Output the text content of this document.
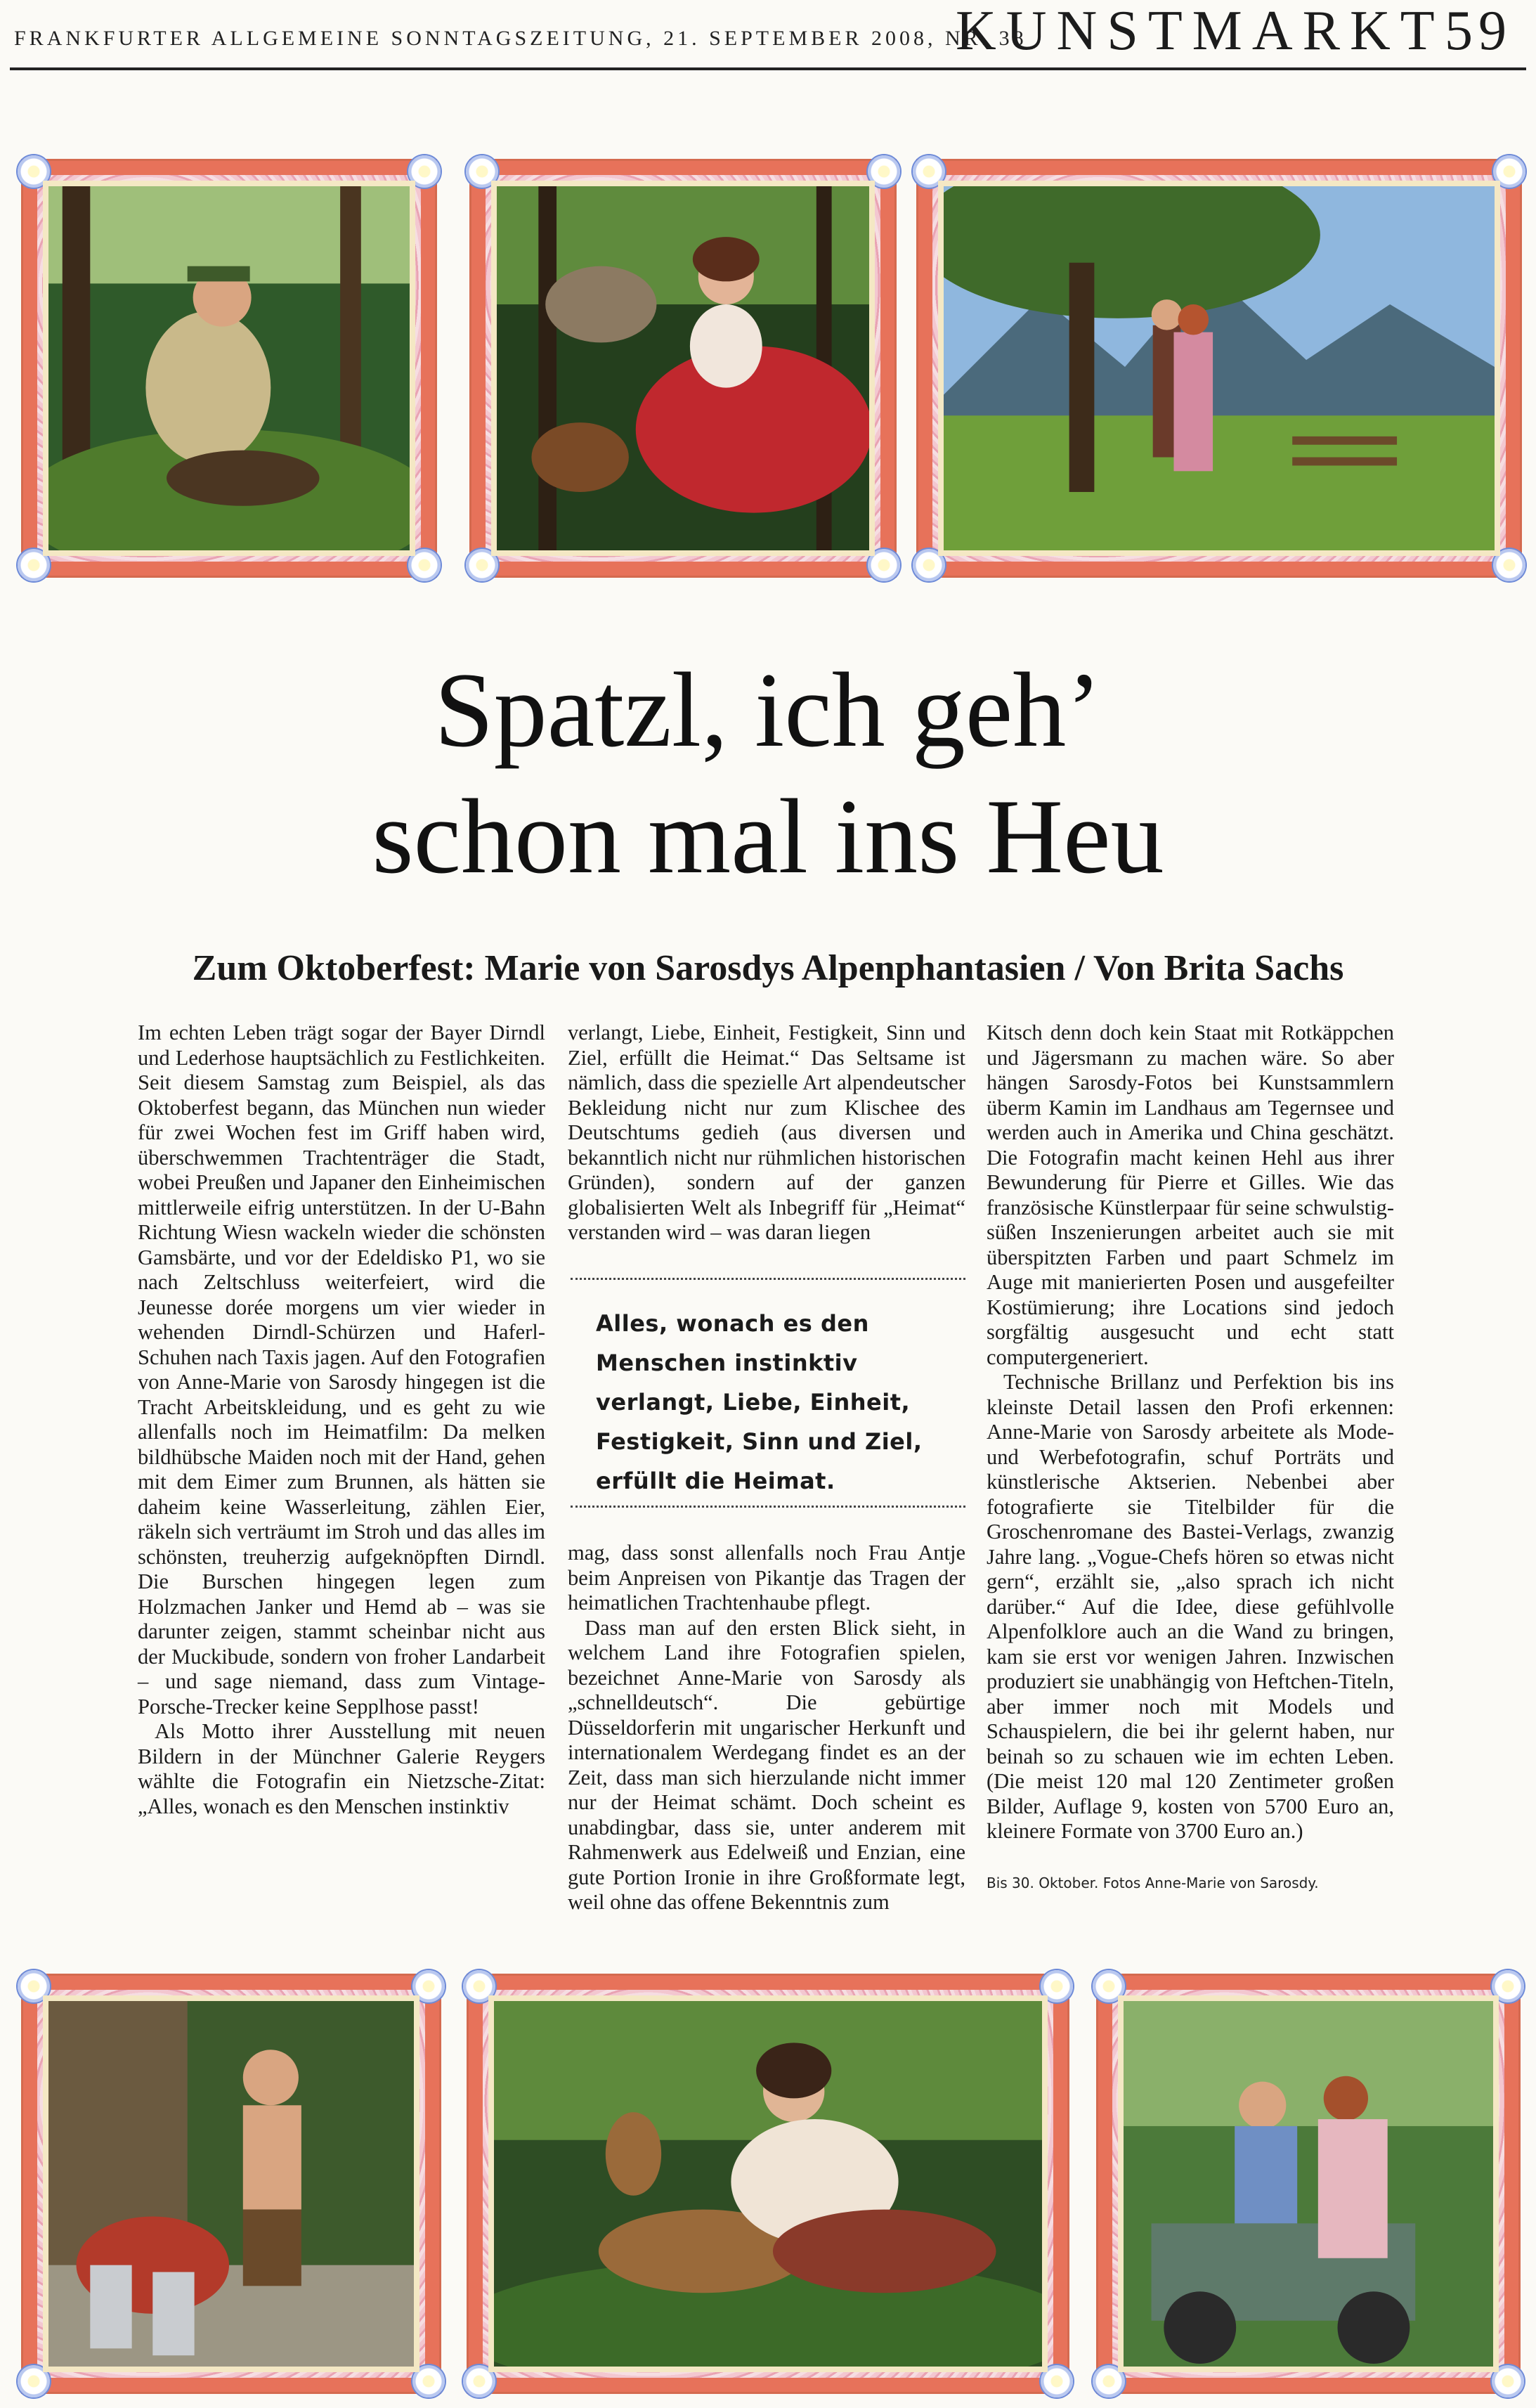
FRANKFURTER ALLGEMEINE SONNTAGSZEITUNG, 21. SEPTEMBER 2008, NR. 38
KUNSTMARKT 59
Spatzl, ich geh’
schon mal ins Heu
Zum Oktoberfest: Marie von Sarosdys Alpenphantasien / Von Brita Sachs

Im echten Leben trägt sogar der Bayer Dirndl und Lederhose hauptsächlich zu Festlichkeiten. Seit diesem Samstag zum Beispiel, als das Oktoberfest begann, das München nun wieder für zwei Wochen fest im Griff haben wird, überschwemmen Trachtenträger die Stadt, wobei Preußen und Japaner den Einheimischen mittlerweile eifrig unterstützen. In der U-Bahn Richtung Wiesn wackeln wieder die schönsten Gamsbärte, und vor der Edeldisko P1, wo sie nach Zeltschluss weiterfeiert, wird die Jeunesse dorée morgens um vier wieder in wehenden Dirndl-Schürzen und Haferl-Schuhen nach Taxis jagen. Auf den Fotografien von Anne-Marie von Sarosdy hingegen ist die Tracht Arbeitskleidung, und es geht zu wie allenfalls noch im Heimatfilm: Da melken bildhübsche Maiden noch mit der Hand, gehen mit dem Eimer zum Brunnen, als hätten sie daheim keine Wasserleitung, zählen Eier, räkeln sich verträumt im Stroh und das alles im schönsten, treuherzig aufgeknöpften Dirndl. Die Burschen hingegen legen zum Holzmachen Janker und Hemd ab – was sie darunter zeigen, stammt scheinbar nicht aus der Muckibude, sondern von froher Landarbeit – und sage niemand, dass zum Vintage-Porsche-Trecker keine Sepplhose passt!

Als Motto ihrer Ausstellung mit neuen Bildern in der Münchner Galerie Reygers wählte die Fotografin ein Nietzsche-Zitat: „Alles, wonach es den Menschen instinktiv

verlangt, Liebe, Einheit, Festigkeit, Sinn und Ziel, erfüllt die Heimat.“ Das Seltsame ist nämlich, dass die spezielle Art alpendeutscher Bekleidung nicht nur zum Klischee des Deutschtums gedieh (aus diversen und bekanntlich nicht nur rühmlichen historischen Gründen), sondern auf der ganzen globalisierten Welt als Inbegriff für „Heimat“ verstanden wird – was daran liegen

Alles, wonach es den Menschen instinktiv verlangt, Liebe, Einheit, Festigkeit, Sinn und Ziel, erfüllt die Heimat.

mag, dass sonst allenfalls noch Frau Antje beim Anpreisen von Pikantje das Tragen der heimatlichen Trachtenhaube pflegt.

Dass man auf den ersten Blick sieht, in welchem Land ihre Fotografien spielen, bezeichnet Anne-Marie von Sarosdy als „schnelldeutsch“. Die gebürtige Düsseldorferin mit ungarischer Herkunft und internationalem Werdegang findet es an der Zeit, dass man sich hierzulande nicht immer nur der Heimat schämt. Doch scheint es unabdingbar, dass sie, unter anderem mit Rahmenwerk aus Edelweiß und Enzian, eine gute Portion Ironie in ihre Großformate legt, weil ohne das offene Bekenntnis zum

Kitsch denn doch kein Staat mit Rotkäppchen und Jägersmann zu machen wäre. So aber hängen Sarosdy-Fotos bei Kunstsammlern überm Kamin im Landhaus am Tegernsee und werden auch in Amerika und China geschätzt. Die Fotografin macht keinen Hehl aus ihrer Bewunderung für Pierre et Gilles. Wie das französische Künstlerpaar für seine schwulstig-süßen Inszenierungen arbeitet auch sie mit überspitzten Farben und paart Schmelz im Auge mit manierierten Posen und ausgefeilter Kostümierung; ihre Locations sind jedoch sorgfältig ausgesucht und echt statt computergeneriert.

Technische Brillanz und Perfektion bis ins kleinste Detail lassen den Profi erkennen: Anne-Marie von Sarosdy arbeitete als Mode- und Werbefotografin, schuf Porträts und künstlerische Aktserien. Nebenbei aber fotografierte sie Titelbilder für die Groschenromane des Bastei-Verlags, zwanzig Jahre lang. „Vogue-Chefs hören so etwas nicht gern“, erzählt sie, „also sprach ich nicht darüber.“ Auf die Idee, diese gefühlvolle Alpenfolklore auch an die Wand zu bringen, kam sie erst vor wenigen Jahren. Inzwischen produziert sie unabhängig von Heftchen-Titeln, aber immer noch mit Models und Schauspielern, die bei ihr gelernt haben, nur beinah so zu schauen wie im echten Leben. (Die meist 120 mal 120 Zentimeter großen Bilder, Auflage 9, kosten von 5700 Euro an, kleinere Formate von 3700 Euro an.)

Bis 30. Oktober. Fotos Anne-Marie von Sarosdy.
